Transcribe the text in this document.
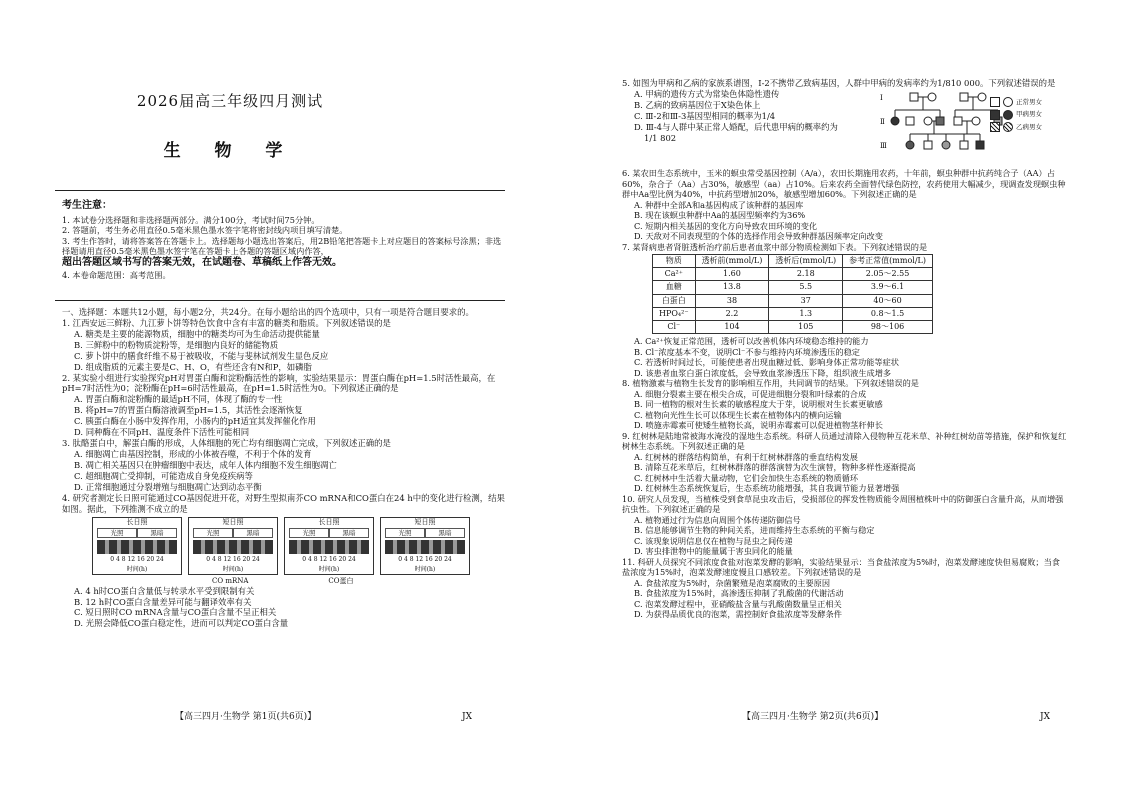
2026届高三年级四月测试
生 物 学
考生注意：
1. 本试卷分选择题和非选择题两部分。满分100分，考试时间75分钟。
2. 答题前，考生务必用直径0.5毫米黑色墨水签字笔将密封线内项目填写清楚。
3. 考生作答时，请将答案答在答题卡上。选择题每小题选出答案后，用2B铅笔把答题卡上对应题目的答案标号涂黑；非选择题请用直径0.5毫米黑色墨水签字笔在答题卡上各题的答题区域内作答，
超出答题区域书写的答案无效，在试题卷、草稿纸上作答无效。
4. 本卷命题范围：高考范围。

一、选择题：本题共12小题，每小题2分，共24分。在每小题给出的四个选项中，只有一项是符合题目要求的。

1. 江西安远三鲜粉、九江萝卜饼等特色饮食中含有丰富的糖类和脂质。下列叙述错误的是

A. 糖类是主要的能源物质，细胞中的糖类均可为生命活动提供能量

B. 三鲜粉中的粉物质淀粉等，是细胞内良好的储能物质

C. 萝卜饼中的膳食纤维不易于被吸收，不能与斐林试剂发生显色反应

D. 组成脂质的元素主要是C、H、O，有些还含有N和P，如磷脂

2. 某实验小组进行实验探究pH对胃蛋白酶和淀粉酶活性的影响，实验结果显示：胃蛋白酶在pH=1.5时活性最高，在pH=7时活性为0；淀粉酶在pH=6时活性最高，在pH=1.5时活性为0。下列叙述正确的是

A. 胃蛋白酶和淀粉酶的最适pH不同，体现了酶的专一性

B. 将pH=7的胃蛋白酶溶液调至pH=1.5，其活性会逐渐恢复

C. 胰蛋白酶在小肠中发挥作用，小肠内的pH适宜其发挥催化作用

D. 同种酶在不同pH、温度条件下活性可能相同

3. 肽酪蛋白中，解蛋白酶的形成，人体细胞的死亡均有细胞凋亡完成，下列叙述正确的是

A. 细胞凋亡由基因控制，形成的小体被吞噬，不利于个体的发育

B. 凋亡相关基因只在肿瘤细胞中表达，成年人体内细胞不发生细胞凋亡

C. 超细胞凋亡受抑制，可能造成自身免疫疾病等

D. 正常细胞通过分裂增殖与细胞凋亡达到动态平衡

4. 研究者测定长日照可能通过CO基因促进开花，对野生型拟南芥CO mRNA和CO蛋白在24 h中的变化进行检测，结果如图。据此，下列推测不成立的是

长日照
光照	黑暗
0 4 8 12 16 20 24
时间(h)
短日照
光照	黑暗
0 4 8 12 16 20 24
时间(h)
长日照
光照	黑暗
0 4 8 12 16 20 24
时间(h)
短日照
光照	黑暗
0 4 8 12 16 20 24
时间(h)
CO mRNA	CO蛋白

A. 4 h时CO蛋白含量低与转录水平受到限制有关

B. 12 h时CO蛋白含量差异可能与翻译效率有关

C. 短日照时CO mRNA含量与CO蛋白含量不呈正相关

D. 光照会降低CO蛋白稳定性，进而可以判定CO蛋白含量

【高三四月·生物学 第1页(共6页)】	JX

5. 如图为甲病和乙病的家族系谱图，Ⅰ-2不携带乙致病基因，人群中甲病的发病率约为1/810 000。下列叙述错误的是

A. 甲病的遗传方式为常染色体隐性遗传

B. 乙病的致病基因位于X染色体上

C. Ⅲ-2和Ⅲ-3基因型相同的概率为1/4

D. Ⅲ-4与人群中某正常人婚配，后代患甲病的概率约为

1/1 802

Ⅰ
Ⅱ
Ⅲ
正常男女
甲病男女
乙病男女

6. 某农田生态系统中，玉米的螟虫常受基因控制（A/a），农田长期施用农药，十年前，螟虫种群中抗药纯合子（AA）占60%，杂合子（Aa）占30%，敏感型（aa）占10%。后来农药全面替代绿色防控，农药使用大幅减少，现调查发现螟虫种群中Aa型比例为40%，中抗药型增加20%，敏感型增加60%。下列叙述正确的是

A. 种群中全部A和a基因构成了该种群的基因库

B. 现在该螟虫种群中Aa的基因型频率约为36%

C. 短期内相关基因的变化方向导致农田环境的变化

D. 天敌对不同表现型的个体的选择作用会导致种群基因频率定向改变

7. 某肾病患者肾脏透析治疗前后患者血浆中部分物质检测如下表。下列叙述错误的是

物质	透析前(mmol/L)	透析后(mmol/L)	参考正常值(mmol/L)
Ca²⁺	1.60	2.18	2.05～2.55
血糖	13.8	5.5	3.9～6.1
白蛋白	38	37	40～60
HPO₄²⁻	2.2	1.3	0.8～1.5
Cl⁻	104	105	98～106

A. Ca²⁺恢复正常范围，透析可以改善机体内环境稳态维持的能力

B. Cl⁻浓度基本不变，说明Cl⁻不参与维持内环境渗透压的稳定

C. 若透析时间过长，可能使患者出现血糖过低、影响身体正常功能等症状

D. 该患者血浆白蛋白浓度低，会导致血浆渗透压下降，组织液生成增多

8. 植物激素与植物生长发育的影响相互作用，共同调节的结果。下列叙述错误的是

A. 细胞分裂素主要在根尖合成，可促进细胞分裂和叶绿素的合成

B. 同一植物的根对生长素的敏感程度大于芽，说明根对生长素更敏感

C. 植物向光性生长可以体现生长素在植物体内的横向运输

D. 喷施赤霉素可使矮生植物长高，说明赤霉素可以促进植物茎秆伸长

9. 红树林是陆地常被海水淹没的湿地生态系统。科研人员通过清除入侵物种互花米草、补种红树幼苗等措施，保护和恢复红树林生态系统。下列叙述正确的是

A. 红树林的群落结构简单，有利于红树林群落的垂直结构发展

B. 清除互花米草后，红树林群落的群落演替为次生演替，物种多样性逐渐提高

C. 红树林中生活着大量动物，它们会加快生态系统的物质循环

D. 红树林生态系统恢复后，生态系统功能增强，其自我调节能力显著增强

10. 研究人员发现，当植株受到食草昆虫攻击后，受损部位的挥发性物质能令周围植株叶中的防御蛋白含量升高，从而增强抗虫性。下列叙述正确的是

A. 植物通过行为信息向周围个体传递防御信号

B. 信息能够调节生物的种间关系，进而维持生态系统的平衡与稳定

C. 该现象说明信息仅在植物与昆虫之间传递

D. 害虫排泄物中的能量属于害虫同化的能量

11. 科研人员探究不同浓度食盐对泡菜发酵的影响，实验结果显示：当食盐浓度为5%时，泡菜发酵速度快但易腐败；当食盐浓度为15%时，泡菜发酵速度慢且口感较差。下列叙述错误的是

A. 食盐浓度为5%时，杂菌繁殖是泡菜腐败的主要原因

B. 食盐浓度为15%时，高渗透压抑制了乳酸菌的代谢活动

C. 泡菜发酵过程中，亚硝酸盐含量与乳酸菌数量呈正相关

D. 为获得品质优良的泡菜，需控制好食盐浓度等发酵条件

【高三四月·生物学 第2页(共6页)】	JX
